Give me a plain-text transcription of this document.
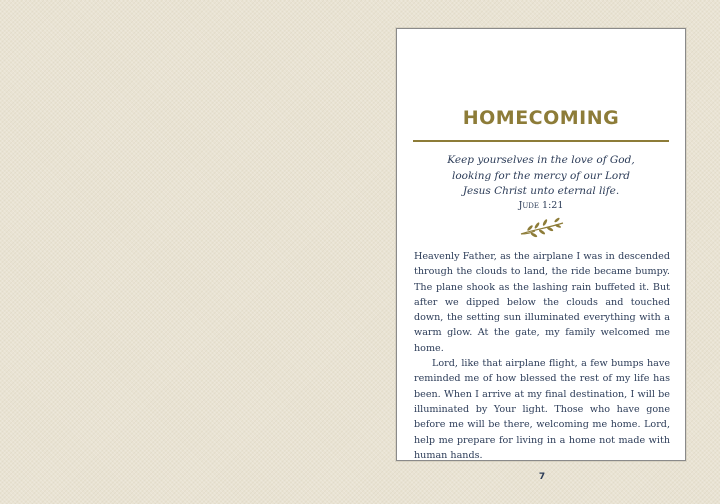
HOMECOMING
Keep yourselves in the love of God,
looking for the mercy of our Lord
Jesus Christ unto eternal life.
Jude 1:21

Heavenly Father, as the airplane I was in descended through the clouds to land, the ride became bumpy. The plane shook as the lashing rain buffeted it. But after we dipped below the clouds and touched down, the setting sun illuminated everything with a warm glow. At the gate, my family welcomed me home.

Lord, like that airplane flight, a few bumps have reminded me of how blessed the rest of my life has been. When I arrive at my final destination, I will be illuminated by Your light. Those who have gone before me will be there, welcoming me home. Lord, help me prepare for living in a home not made with human hands.

7
